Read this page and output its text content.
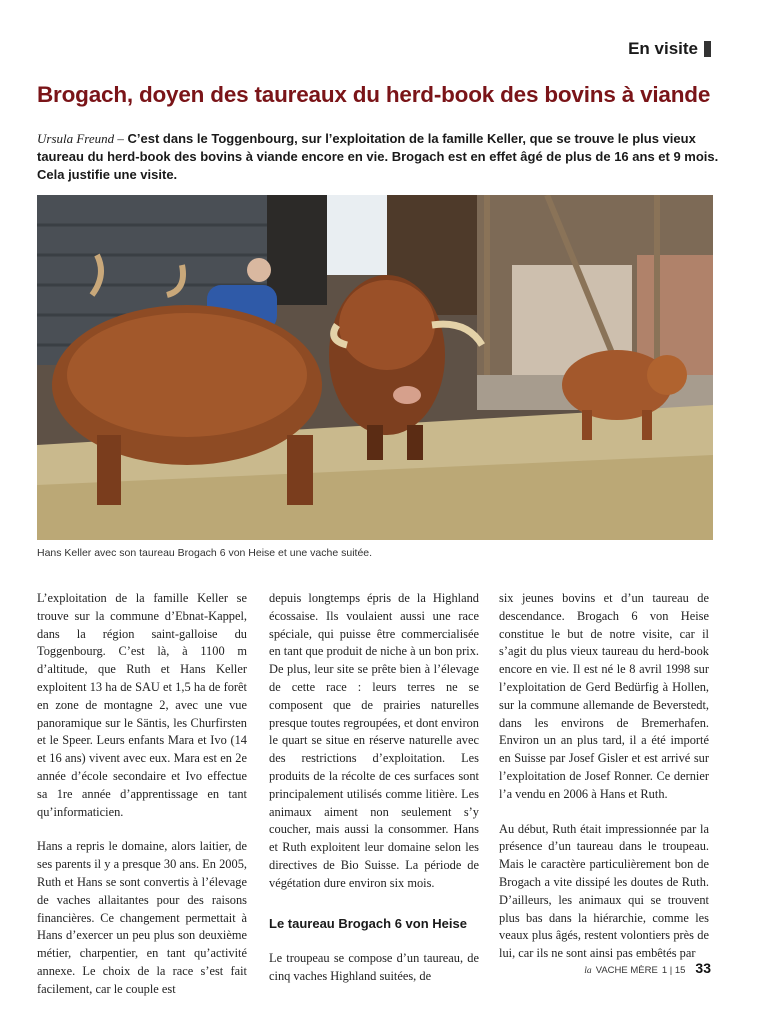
En visite
Brogach, doyen des taureaux du herd-book des bovins à viande

Ursula Freund – C’est dans le Toggenbourg, sur l’exploitation de la famille Keller, que se trouve le plus vieux taureau du herd-book des bovins à viande encore en vie. Brogach est en effet âgé de plus de 16 ans et 9 mois. Cela justifie une visite.

Hans Keller avec son taureau Brogach 6 von Heise et une vache suitée.

L’exploitation de la famille Keller se trouve sur la commune d’Ebnat-Kappel, dans la région saint-galloise du Toggenbourg. C’est là, à 1100 m d’altitude, que Ruth et Hans Keller exploitent 13 ha de SAU et 1,5 ha de forêt en zone de montagne 2, avec une vue panoramique sur le Säntis, les Churfirsten et le Speer. Leurs enfants Mara et Ivo (14 et 16 ans) vivent avec eux. Mara est en 2e année d’école secondaire et Ivo effectue sa 1re année d’apprentissage en tant qu’informaticien.

Hans a repris le domaine, alors laitier, de ses parents il y a presque 30 ans. En 2005, Ruth et Hans se sont convertis à l’élevage de vaches allaitantes pour des raisons financières. Ce changement permettait à Hans d’exercer un peu plus son deuxième métier, charpentier, en tant qu’activité annexe. Le choix de la race s’est fait facilement, car le couple est

depuis longtemps épris de la Highland écossaise. Ils voulaient aussi une race spéciale, qui puisse être commercialisée en tant que produit de niche à un bon prix. De plus, leur site se prête bien à l’élevage de cette race : leurs terres ne se composent que de prairies naturelles presque toutes regroupées, et dont environ le quart se situe en réserve naturelle avec des restrictions d’exploitation. Les produits de la récolte de ces surfaces sont principalement utilisés comme litière. Les animaux aiment non seulement s’y coucher, mais aussi la consommer. Hans et Ruth exploitent leur domaine selon les directives de Bio Suisse. La période de végétation dure environ six mois.

Le taureau Brogach 6 von Heise

Le troupeau se compose d’un taureau, de cinq vaches Highland suitées, de

six jeunes bovins et d’un taureau de descendance. Brogach 6 von Heise constitue le but de notre visite, car il s’agit du plus vieux taureau du herd-book encore en vie. Il est né le 8 avril 1998 sur l’exploitation de Gerd Bedürfig à Hollen, sur la commune allemande de Beverstedt, dans les environs de Bremerhafen. Environ un an plus tard, il a été importé en Suisse par Josef Gisler et est arrivé sur l’exploitation de Josef Ronner. Ce dernier l’a vendu en 2006 à Hans et Ruth.

Au début, Ruth était impressionnée par la présence d’un taureau dans le troupeau. Mais le caractère particulièrement bon de Brogach a vite dissipé les doutes de Ruth. D’ailleurs, les animaux qui se trouvent plus bas dans la hiérarchie, comme les veaux plus âgés, restent volontiers près de lui, car ils ne sont ainsi pas embêtés par

la VACHE MÈRE 1 | 15 33
